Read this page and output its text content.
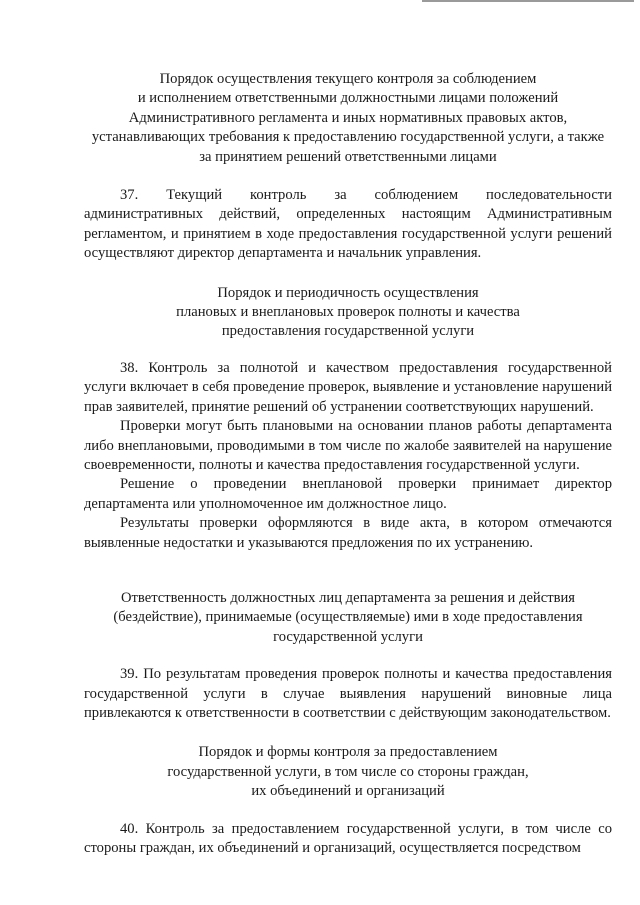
Порядок осуществления текущего контроля за соблюдением
и исполнением ответственными должностными лицами положений
Административного регламента и иных нормативных правовых актов,
устанавливающих требования к предоставлению государственной услуги, а также
за принятием решений ответственными лицами
37. Текущий контроль за соблюдением последовательности административных действий, определенных настоящим Административным регламентом, и принятием в ходе предоставления государственной услуги решений осуществляют директор департамента и начальник управления.
Порядок и периодичность осуществления
плановых и внеплановых проверок полноты и качества
предоставления государственной услуги
38. Контроль за полнотой и качеством предоставления государственной услуги включает в себя проведение проверок, выявление и установление нарушений прав заявителей, принятие решений об устранении соответствующих нарушений.
Проверки могут быть плановыми на основании планов работы департамента либо внеплановыми, проводимыми в том числе по жалобе заявителей на нарушение своевременности, полноты и качества предоставления государственной услуги.
Решение о проведении внеплановой проверки принимает директор департамента или уполномоченное им должностное лицо.
Результаты проверки оформляются в виде акта, в котором отмечаются выявленные недостатки и указываются предложения по их устранению.
Ответственность должностных лиц департамента за решения и действия
(бездействие), принимаемые (осуществляемые) ими в ходе предоставления
государственной услуги
39. По результатам проведения проверок полноты и качества предоставления государственной услуги в случае выявления нарушений виновные лица привлекаются к ответственности в соответствии с действующим законодательством.
Порядок и формы контроля за предоставлением
государственной услуги, в том числе со стороны граждан,
их объединений и организаций
40. Контроль за предоставлением государственной услуги, в том числе со стороны граждан, их объединений и организаций, осуществляется посредством
